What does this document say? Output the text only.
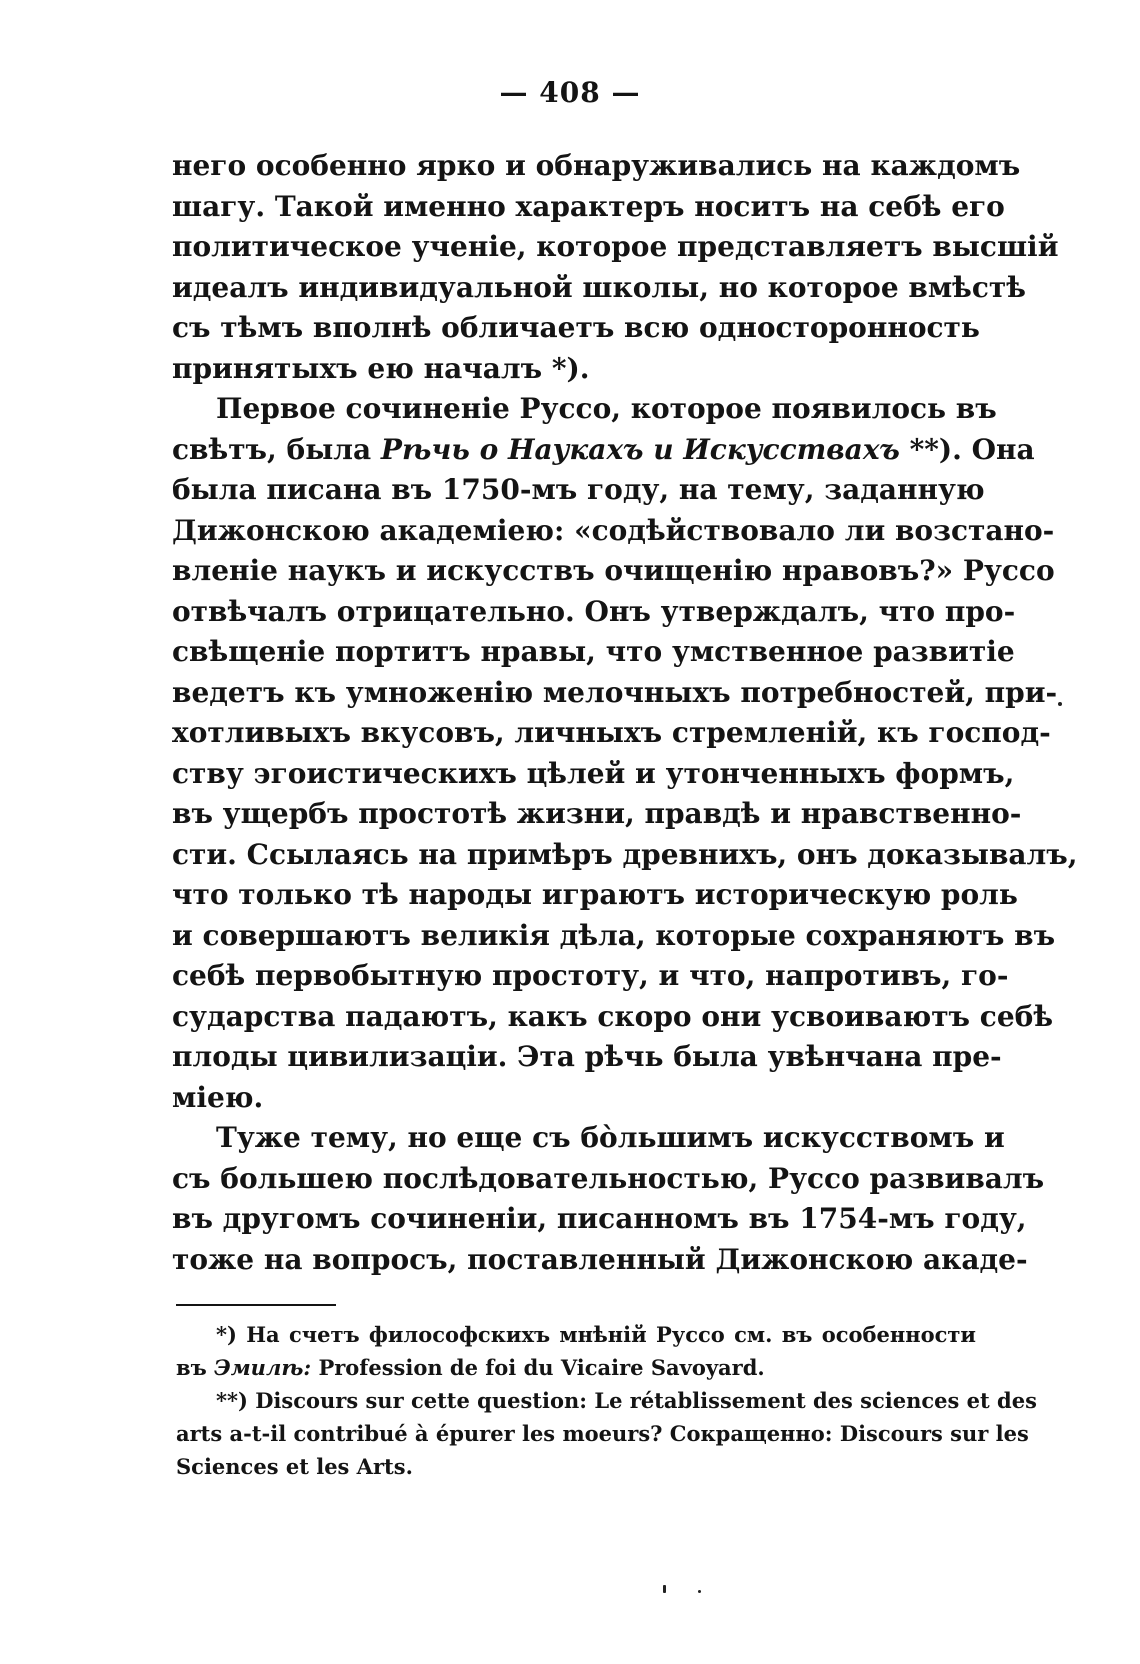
— 408 —
него особенно ярко и обнаруживались на каждомъ
шагу. Такой именно характеръ носитъ на себѣ его
политическое ученіе, которое представляетъ высшій
идеалъ индивидуальной школы, но которое вмѣстѣ
съ тѣмъ вполнѣ обличаетъ всю односторонность
принятыхъ ею началъ *).
Первое сочиненіе Руссо, которое появилось въ
свѣтъ, была Рѣчь о Наукахъ и Искусствахъ **). Она
была писана въ 1750-мъ году, на тему, заданную
Дижонскою академіею: «содѣйствовало ли возстано-
вленіе наукъ и искусствъ очищенію нравовъ?» Руссо
отвѣчалъ отрицательно. Онъ утверждалъ, что про-
свѣщеніе портитъ нравы, что умственное развитіе
ведетъ къ умноженію мелочныхъ потребностей, при-
хотливыхъ вкусовъ, личныхъ стремленій, къ господ-
ству эгоистическихъ цѣлей и утонченныхъ формъ,
въ ущербъ простотѣ жизни, правдѣ и нравственно-
сти. Ссылаясь на примѣръ древнихъ, онъ доказывалъ,
что только тѣ народы играютъ историческую роль
и совершаютъ великія дѣла, которые сохраняютъ въ
себѣ первобытную простоту, и что, напротивъ, го-
сударства падаютъ, какъ скоро они усвоиваютъ себѣ
плоды цивилизаціи. Эта рѣчь была увѣнчана пре-
міею.
Туже тему, но еще съ бо̀льшимъ искусствомъ и
съ большею послѣдовательностью, Руссо развивалъ
въ другомъ сочиненіи, писанномъ въ 1754-мъ году,
тоже на вопросъ, поставленный Дижонскою акаде-
*) На счетъ философскихъ мнѣній Руссо см. въ особенности
въ Эмилѣ: Profession de foi du Vicaire Savoyard.
**) Discours sur cette question: Le rétablissement des sciences et des
arts a-t-il contribué à épurer les moeurs? Сокращенно: Discours sur les
Sciences et les Arts.
